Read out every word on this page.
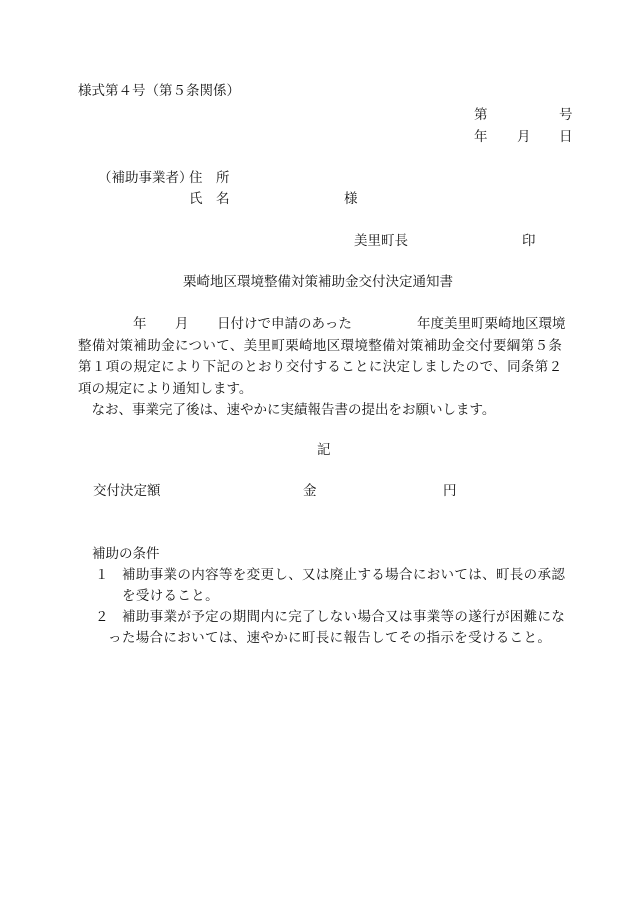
様式第４号（第５条関係）
第	号
年 月 日
（補助事業者）
住　所
氏　名	様
美里町長	印
栗崎地区環境整備対策補助金交付決定通知書
年 月 日付けで申請のあった	年度美里町栗崎地区環境
整備対策補助金について、美里町栗崎地区環境整備対策補助金交付要綱第５条
第１項の規定により下記のとおり交付することに決定しましたので、同条第２
項の規定により通知します。
　なお、事業完了後は、速やかに実績報告書の提出をお願いします。
記
交付決定額	金	円
補助の条件
１ 補助事業の内容等を変更し、又は廃止する場合においては、町長の承認
を受けること。
２ 補助事業が予定の期間内に完了しない場合又は事業等の遂行が困難にな
った場合においては、速やかに町長に報告してその指示を受けること。
